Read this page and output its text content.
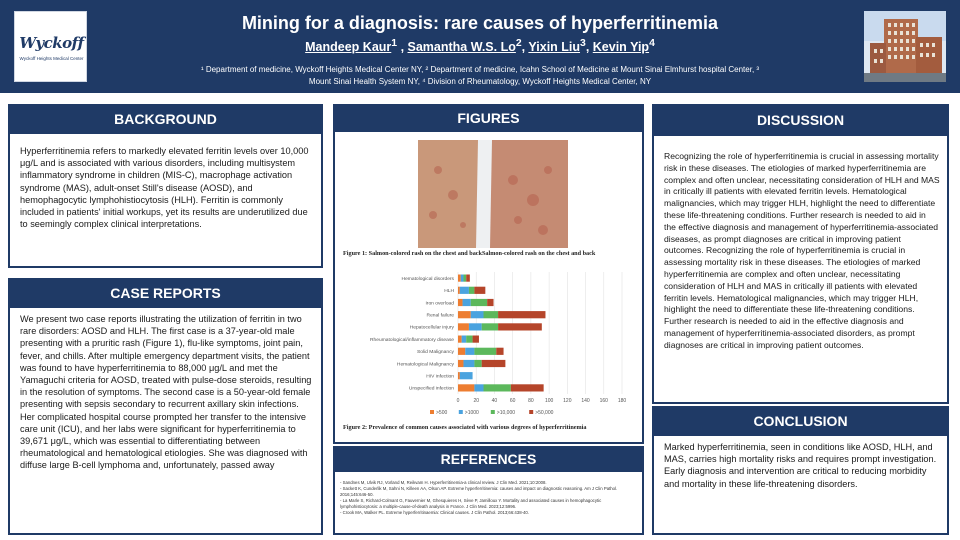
Wyckoff
Wyckoff Heights Medical Center
Mining for a diagnosis: rare causes of hyperferritinemia
Mandeep Kaur$^1$ , Samantha W.S. Lo$^2$, Yixin Liu$^3$, Kevin Yip$^4$
¹ Department of medicine, Wyckoff Heights Medical Center NY, ² Department of medicine, Icahn School of Medicine at Mount Sinai Elmhurst hospital Center, ³
Mount Sinai Health System NY, ⁴ Division of Rheumatology, Wyckoff Heights Medical Center, NY
BACKGROUND
Hyperferritinemia refers to markedly elevated ferritin levels over 10,000 μg/L and is associated with various disorders, including multisystem inflammatory syndrome in children (MIS-C), macrophage activation syndrome (MAS), adult-onset Still's disease (AOSD), and hemophagocytic lymphohistiocytosis (HLH). Ferritin is commonly included in patients' initial workups, yet its results are underutilized due to seemingly complex clinical interpretations.
CASE REPORTS
We present two case reports illustrating the utilization of ferritin in two rare disorders: AOSD and HLH. The first case is a 37-year-old male presenting with a pruritic rash (Figure 1), flu-like symptoms, joint pain, fever, and chills. After multiple emergency department visits, the patient was found to have hyperferritinemia to 88,000 μg/L and met the Yamaguchi criteria for AOSD, treated with pulse-dose steroids, resulting in the resolution of symptoms. The second case is a 50-year-old female presenting with sepsis secondary to recurrent axillary skin infections. Her complicated hospital course prompted her transfer to the intensive care unit (ICU), and her labs were significant for hyperferritinemia to 39,671 μg/L, which was essential to differentiating between rheumatological and hematological etiologies. She was diagnosed with diffuse large B-cell lymphoma and, unfortunately, passed away
FIGURES
Figure 1: Salmon-colored rash on the chest and backSalmon-colored rash on the chest and back
0	20	40	60	80 100 120 140 160 180
Hematological disorders
HLH
Iron overload
Renal failure
Hepatocellular injury
Rheumatological/inflammatory disease
Solid Malignancy
Hematological Malignancy
HIV infection
Unspecified infection
>500	>1000	>10,000	>50,000
Figure 2: Prevalence of common causes associated with various degrees of hyperferritinemia
REFERENCES
- Sandnes M, Ulvik RJ, Vorland M, Reikvam H. Hyperferritinemia-a clinical review. J Clin Med. 2021;10:2008.
- Sackett K, Cunderlik M, Sahni N, Killeen AA, Olson AP. Extreme hyperferritinemia: causes and impact on diagnostic reasoning. Am J Clin Pathol. 2016;145:646-50.
- La Marle S, Richard-Colmant G, Fauvernier M, Ghesquieres H, Sève P, Jamilloux Y. Mortality and associated causes in hemophagocytic lymphohistiocytosis: a multiple-cause-of-death analysis in France. J Clin Med. 2023;12:5996.
- Crook MA, Walker PL. Extreme hyperferritinaemia: Clinical causes. J Clin Pathol. 2013;66:438-40.
DISCUSSION
Recognizing the role of hyperferritinemia is crucial in assessing mortality risk in these diseases. The etiologies of marked hyperferritinemia are complex and often unclear, necessitating consideration of HLH and MAS in critically ill patients with elevated ferritin levels. Hematological malignancies, which may trigger HLH, highlight the need to differentiate these life-threatening conditions. Further research is needed to aid in the effective diagnosis and management of hyperferritinemia-associated diseases, as prompt diagnoses are critical in improving patient outcomes. Recognizing the role of hyperferritinemia is crucial in assessing mortality risk in these diseases. The etiologies of marked hyperferritinemia are complex and often unclear, necessitating consideration of HLH and MAS in critically ill patients with elevated ferritin levels. Hematological malignancies, which may trigger HLH, highlight the need to differentiate these life-threatening conditions. Further research is needed to aid in the effective diagnosis and management of hyperferritinemia-associated disorders, as prompt diagnoses are critical in improving patient outcomes.
CONCLUSION
Marked hyperferritinemia, seen in conditions like AOSD, HLH, and MAS, carries high mortality risks and requires prompt investigation. Early diagnosis and intervention are critical to reducing morbidity and mortality in these life-threatening disorders.
